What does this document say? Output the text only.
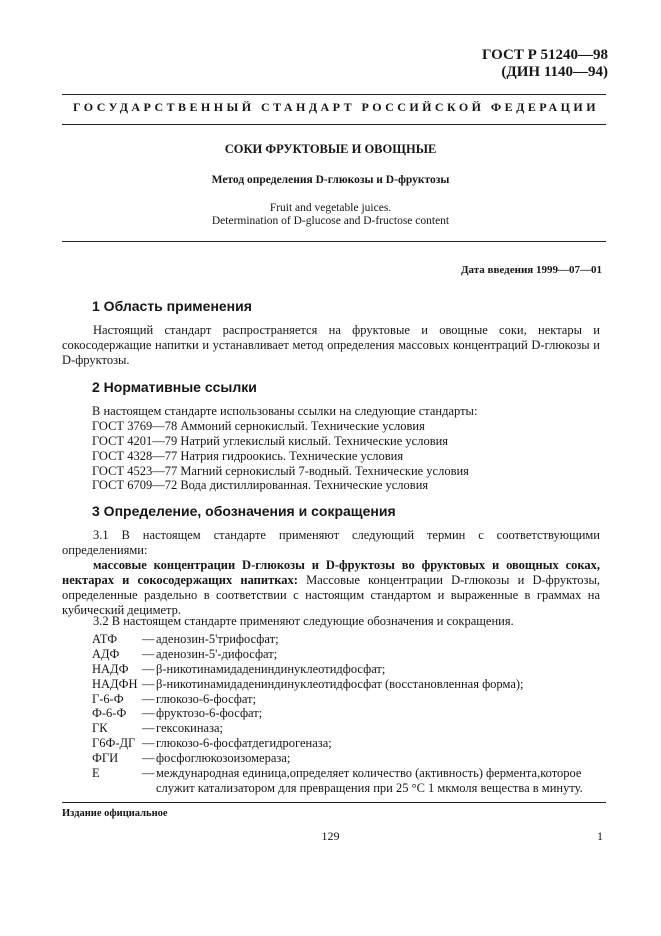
ГОСТ Р 51240—98
(ДИН 1140—94)
ГОСУДАРСТВЕННЫЙ СТАНДАРТ РОССИЙСКОЙ ФЕДЕРАЦИИ
СОКИ ФРУКТОВЫЕ И ОВОЩНЫЕ
Метод определения D-глюкозы и D-фруктозы
Fruit and vegetable juices.
Determination of D-glucose and D-fructose content
Дата введения 1999—07—01
1 Область применения
Настоящий стандарт распространяется на фруктовые и овощные соки, нектары и сокосодержащие напитки и устанавливает метод определения массовых концентраций D-глюкозы и D-фруктозы.
2 Нормативные ссылки
В настоящем стандарте использованы ссылки на следующие стандарты:
ГОСТ 3769—78 Аммоний сернокислый. Технические условия
ГОСТ 4201—79 Натрий углекислый кислый. Технические условия
ГОСТ 4328—77 Натрия гидроокись. Технические условия
ГОСТ 4523—77 Магний сернокислый 7-водный. Технические условия
ГОСТ 6709—72 Вода дистиллированная. Технические условия
3 Определение, обозначения и сокращения
3.1 В настоящем стандарте применяют следующий термин с соответствующими определениями:
массовые концентрации D-глюкозы и D-фруктозы во фруктовых и овощных соках, нектарах и сокосодержащих напитках: Массовые концентрации D-глюкозы и D-фруктозы, определенные раздельно в соответствии с настоящим стандартом и выраженные в граммах на кубический дециметр.
3.2 В настоящем стандарте применяют следующие обозначения и сокращения.
АТФ	— аденозин-5'трифосфат;
АДФ	— аденозин-5'-дифосфат;
НАДФ	— β-никотинамидадениндинуклеотидфосфат;
НАДФН — β-никотинамидадениндинуклеотидфосфат (восстановленная форма);
Г-6-Ф	— глюкозо-6-фосфат;
Ф-6-Ф	— фруктозо-6-фосфат;
ГК	— гексокиназа;
Г6Ф-ДГ — глюкозо-6-фосфатдегидрогеназа;
ФГИ	— фосфоглюкозоизомераза;
Е	— международная единица,определяет количество (активность) фермента,которое служит катализатором для превращения при 25 °С 1 мкмоля вещества в минуту.
Издание официальное
129	1
